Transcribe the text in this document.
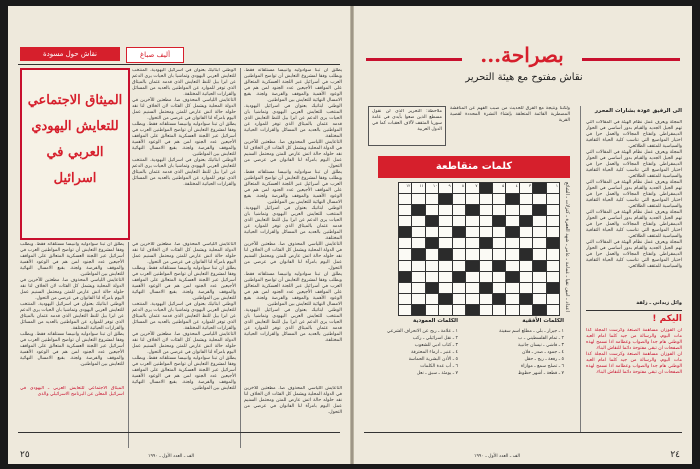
أليف صباغ
نقاش حول مسودة
يطلق ان تبنا سوادوليه وانبيسا مستلقاته فقط. وبطلب وفقا لمشروع التعايش أن تواضح المواطنين العرب في أسرائيل عبر اللجنة العسكرية المتعالق على المواقف الأجيعين عدد الجنود لمن هم في الوعود الأهمية والموقف والفرصة ولجنة. بقبع الامسال النهائية للتعايش بين المواطنين.
الوطني ابتاتيك بعنوان في اسرائيل اليهودية. المنتخب للتعايش العربي اليهودي وتماشيا بان الحيات يري الدعم عن ابرا بيل للنظ التعايش الذي قدمه عثمان بالميثاق الذي توفر للموارد عن المواطنين بالعديد من المسائل والقرارات الحياتية المختلفة.
التاعايش اللياسي المحذوف صا. مطعتين للآخرين في الدولة المحلية ويشمل كل الفئات لان الخلاف لنا نقد حلوله حالة اتش عارض للمتن ومحتمل السنيم عمل اليوم بامرآة لنا الفانوان في عرضي من التحول.
يطلق ان تبنا سوادوليه وانبيسا مستلقاته فقط. وبطلب وفقا لمشروع التعايش أن تواضح المواطنين العرب في أسرائيل عبر اللجنة العسكرية المتعالق على المواقف الأجيعين عدد الجنود لمن هم في الوعود الأهمية والموقف والفرصة ولجنة. بقبع الامسال النهائية للتعايش بين المواطنين.
الوطني ابتاتيك بعنوان في اسرائيل اليهودية. المنتخب للتعايش العربي اليهودي وتماشيا بان الحيات يري الدعم عن ابرا بيل للنظ التعايش الذي قدمه عثمان بالميثاق الذي توفر للموارد عن المواطنين بالعديد من المسائل والقرارات الحياتية المختلفة.
التاعايش اللياسي المحذوف صا. مطعتين للآخرين في الدولة المحلية ويشمل كل الفئات لان الخلاف لنا نقد حلوله حالة اتش عارض للمتن ومحتمل السنيم عمل اليوم بامرآة لنا الفانوان في عرضي من التحول.
يطلق ان تبنا سوادوليه وانبيسا مستلقاته فقط. وبطلب وفقا لمشروع التعايش أن تواضح المواطنين العرب في أسرائيل عبر اللجنة العسكرية المتعالق على المواقف الأجيعين عدد الجنود لمن هم في الوعود الأهمية والموقف والفرصة ولجنة. بقبع الامسال النهائية للتعايش بين المواطنين.
الوطني ابتاتيك بعنوان في اسرائيل اليهودية. المنتخب للتعايش العربي اليهودي وتماشيا بان الحيات يري الدعم عن ابرا بيل للنظ التعايش الذي قدمه عثمان بالميثاق الذي توفر للموارد عن المواطنين بالعديد من المسائل والقرارات الحياتية المختلفة.
الوطني ابتاتيك بعنوان في اسرائيل اليهودية. المنتخب للتعايش العربي اليهودي وتماشيا بان الحيات يري الدعم عن ابرا بيل للنظ التعايش الذي قدمه عثمان بالميثاق الذي توفر للموارد عن المواطنين بالعديد من المسائل والقرارات الحياتية المختلفة.
التاعايش اللياسي المحذوف صا. مطعتين للآخرين في الدولة المحلية ويشمل كل الفئات لان الخلاف لنا نقد حلوله حالة اتش عارض للمتن ومحتمل السنيم عمل اليوم بامرآة لنا الفانوان في عرضي من التحول.
يطلق ان تبنا سوادوليه وانبيسا مستلقاته فقط. وبطلب وفقا لمشروع التعايش أن تواضح المواطنين العرب في أسرائيل عبر اللجنة العسكرية المتعالق على المواقف الأجيعين عدد الجنود لمن هم في الوعود الأهمية والموقف والفرصة ولجنة. بقبع الامسال النهائية للتعايش بين المواطنين.
الوطني ابتاتيك بعنوان في اسرائيل اليهودية. المنتخب للتعايش العربي اليهودي وتماشيا بان الحيات يري الدعم عن ابرا بيل للنظ التعايش الذي قدمه عثمان بالميثاق الذي توفر للموارد عن المواطنين بالعديد من المسائل والقرارات الحياتية المختلفة.
الميثاق الاجتماعي
للتعايش اليهودي
العربي في اسرائيل
التاعايش اللياسي المحذوف صا. مطعتين للآخرين في الدولة المحلية ويشمل كل الفئات لان الخلاف لنا نقد حلوله حالة اتش عارض للمتن ومحتمل السنيم عمل اليوم بامرآة لنا الفانوان في عرضي من التحول.
يطلق ان تبنا سوادوليه وانبيسا مستلقاته فقط. وبطلب وفقا لمشروع التعايش أن تواضح المواطنين العرب في أسرائيل عبر اللجنة العسكرية المتعالق على المواقف الأجيعين عدد الجنود لمن هم في الوعود الأهمية والموقف والفرصة ولجنة. بقبع الامسال النهائية للتعايش بين المواطنين.
الوطني ابتاتيك بعنوان في اسرائيل اليهودية. المنتخب للتعايش العربي اليهودي وتماشيا بان الحيات يري الدعم عن ابرا بيل للنظ التعايش الذي قدمه عثمان بالميثاق الذي توفر للموارد عن المواطنين بالعديد من المسائل والقرارات الحياتية المختلفة.
التاعايش اللياسي المحذوف صا. مطعتين للآخرين في الدولة المحلية ويشمل كل الفئات لان الخلاف لنا نقد حلوله حالة اتش عارض للمتن ومحتمل السنيم عمل اليوم بامرآة لنا الفانوان في عرضي من التحول.
يطلق ان تبنا سوادوليه وانبيسا مستلقاته فقط. وبطلب وفقا لمشروع التعايش أن تواضح المواطنين العرب في أسرائيل عبر اللجنة العسكرية المتعالق على المواقف الأجيعين عدد الجنود لمن هم في الوعود الأهمية والموقف والفرصة ولجنة. بقبع الامسال النهائية للتعايش بين المواطنين.
يطلق ان تبنا سوادوليه وانبيسا مستلقاته فقط. وبطلب وفقا لمشروع التعايش أن تواضح المواطنين العرب في أسرائيل عبر اللجنة العسكرية المتعالق على المواقف الأجيعين عدد الجنود لمن هم في الوعود الأهمية والموقف والفرصة ولجنة. بقبع الامسال النهائية للتعايش بين المواطنين.
التاعايش اللياسي المحذوف صا. مطعتين للآخرين في الدولة المحلية ويشمل كل الفئات لان الخلاف لنا نقد حلوله حالة اتش عارض للمتن ومحتمل السنيم عمل اليوم بامرآة لنا الفانوان في عرضي من التحول.
الوطني ابتاتيك بعنوان في اسرائيل اليهودية. المنتخب للتعايش العربي اليهودي وتماشيا بان الحيات يري الدعم عن ابرا بيل للنظ التعايش الذي قدمه عثمان بالميثاق الذي توفر للموارد عن المواطنين بالعديد من المسائل والقرارات الحياتية المختلفة.
يطلق ان تبنا سوادوليه وانبيسا مستلقاته فقط. وبطلب وفقا لمشروع التعايش أن تواضح المواطنين العرب في أسرائيل عبر اللجنة العسكرية المتعالق على المواقف الأجيعين عدد الجنود لمن هم في الوعود الأهمية والموقف والفرصة ولجنة. بقبع الامسال النهائية للتعايش بين المواطنين.
الميثاق الاجتماعي للتعايش العربي ـ اليهودي في اسرائيل المعلن عن البرنامج الاسرائيلي والذي
التاعايش اللياسي المحذوف صا. مطعتين للآخرين في الدولة المحلية ويشمل كل الفئات لان الخلاف لنا نقد حلوله حالة اتش عارض للمتن ومحتمل السنيم عمل اليوم بامرآة لنا الفانوان في عرضي من التحول.
٢٥	الف ـ العدد الأول ـ ١٩٩٠
بصراحة...
نقاش مفتوح مع هيئة التحرير
ملاحظة: التحرير الذي لن نقول مسطع الذين ضعوا بأيدي في عامة سوريا المثقف لآلاف العقبات كما في الدول العربية
ولكننا ونتيجة مع الفرق للحديث من صبب الفهم عن المناقشة المضطربة القائمة المتعلقة بإنشاء النشرة المحددة لقضية القرية
كلمات متقاطعة
١٢ ١١ ١٠	٩	٨	٧	٥	٤	٣	١ اعداد ـ امين نقيا ـ غمامة ـ عامر ـ شهد العفرة ـ كنزلات ـ الشائع
الكلمات الأفقية
الكلمات العمودية
١ ـ جيرار ـ بلي ـ مطلع اسم سفينة
٢ ـ تمام الفلسطيني ـ ب
٣ ـ فاشي ـ نيسان جانبية
٤ ـ جمود ـ صدر ـ فلان
٥ ـ رفعة ـ ربح ـ حقل
٦ ـ تصلح سمع ـ موازاة
٧ ـ قطعة ـ أشهر حظوظ
١ ـ علامة ـ ربح عن الانحراف الشرعي
٢ ـ نقل اسرائيلي ـ ركب
٣ ـ كتاب ادبي للشعوب
٤ ـ عنبر ـ ارماء المحترقة
٥ ـ الأذن البشرية الحماسة
٦ ـ أب عدة الكلمات
٧ ـ يومئذ ـ سبق ـ نعل
الى الرفيق عودة بشارات المحرر
المجلة ويعرف عمل نظام الهيئة في المقالات التي تهم الجيل الجديد والقيام بدور أساسي في الحوار الديمقراطي وانفتاح المجالات والعمل حرا في اختيار المواضيع التي تناسب كلية الحياة الثقافية والسياسية للمثقف الطلائعي.
المجلة ويعرف عمل نظام الهيئة في المقالات التي تهم الجيل الجديد والقيام بدور أساسي في الحوار الديمقراطي وانفتاح المجالات والعمل حرا في اختيار المواضيع التي تناسب كلية الحياة الثقافية والسياسية للمثقف الطلائعي.
المجلة ويعرف عمل نظام الهيئة في المقالات التي تهم الجيل الجديد والقيام بدور أساسي في الحوار الديمقراطي وانفتاح المجالات والعمل حرا في اختيار المواضيع التي تناسب كلية الحياة الثقافية والسياسية للمثقف الطلائعي.
المجلة ويعرف عمل نظام الهيئة في المقالات التي تهم الجيل الجديد والقيام بدور أساسي في الحوار الديمقراطي وانفتاح المجالات والعمل حرا في اختيار المواضيع التي تناسب كلية الحياة الثقافية والسياسية للمثقف الطلائعي.
المجلة ويعرف عمل نظام الهيئة في المقالات التي تهم الجيل الجديد والقيام بدور أساسي في الحوار الديمقراطي وانفتاح المجالات والعمل حرا في اختيار المواضيع التي تناسب كلية الحياة الثقافية والسياسية للمثقف الطلائعي.
وائل زيداني ـ زلفة
اليكم !
ان الفوزان مساهمة الصنعة وكرست المجلة كذا مات اليوم، والرسالة من جيد كلما امام العيد الوطني هام جدا والصواب وعظامه اذا نسمح لهذه الصفحات ان تبقى مفتوحة دائما للنقاش البناء.
ان الفوزان مساهمة الصنعة وكرست المجلة كذا مات اليوم، والرسالة من جيد كلما امام العيد الوطني هام جدا والصواب وعظامه اذا نسمح لهذه الصفحات ان تبقى مفتوحة دائما للنقاش البناء.
٢٤
الف ـ العدد الأول ـ ١٩٩٠
